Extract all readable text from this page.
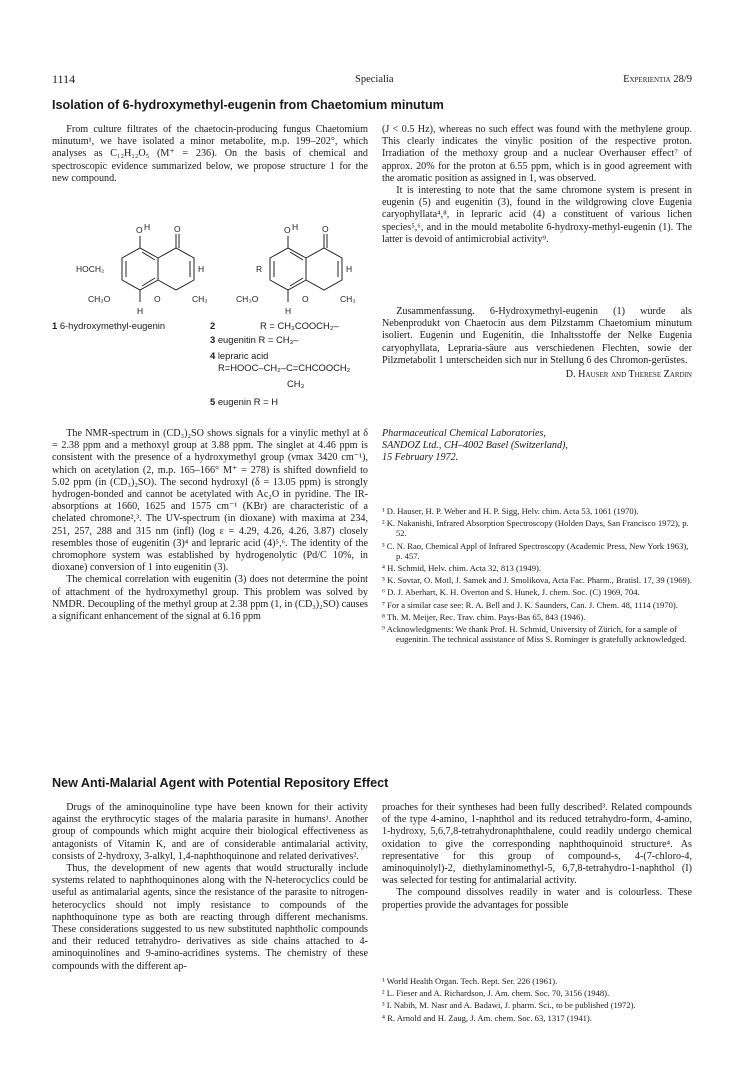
1114	Specialia	Experientia 28/9
Isolation of 6-hydroxymethyl-eugenin from Chaetomium minutum

From culture filtrates of the chaetocin-producing fungus Chaetomium minutum¹, we have isolated a minor metabolite, m.p. 199–202°, which analyses as C₁₂H₁₂O₅ (M⁺ = 236). On the basis of chemical and spectroscopic evidence summarized below, we propose structure 1 for the new compound.

O H	O
HOCH₂	H
CH₃O	O	CH₃
H
O H	O
R	H
CH₃O	O	CH₃
H
1 6-hydroxymethyl-eugenin	2	R = CH₃COOCH₂–
3 eugenitin R = CH₃–
4 lepraric acid
R=HOOC–CH₂–C=CHCOOCH₂
CH₃
5 eugenin R = H

The NMR-spectrum in (CD₃)₂SO shows signals for a vinylic methyl at δ = 2.38 ppm and a methoxyl group at 3.88 ppm. The singlet at 4.46 ppm is consistent with the presence of a hydroxymethyl group (νmax 3420 cm⁻¹), which on acetylation (2, m.p. 165–166° M⁺ = 278) is shifted downfield to 5.02 ppm (in (CD₃)₂SO). The second hydroxyl (δ = 13.05 ppm) is strongly hydrogen-bonded and cannot be acetylated with Ac₂O in pyridine. The IR-absorptions at 1660, 1625 and 1575 cm⁻¹ (KBr) are characteristic of a chelated chromone²,³. The UV-spectrum (in dioxane) with maxima at 234, 251, 257, 288 and 315 nm (infl) (log ε = 4.29, 4.26, 4.26, 3.87) closely resembles those of eugenitin (3)⁴ and lepraric acid (4)⁵,⁶. The identity of the chromophore system was established by hydrogenolytic (Pd/C 10%, in dioxane) conversion of 1 into eugenitin (3).

The chemical correlation with eugenitin (3) does not determine the point of attachment of the hydroxymethyl group. This problem was solved by NMDR. Decoupling of the methyl group at 2.38 ppm (1, in (CD₃)₂SO) causes a significant enhancement of the signal at 6.16 ppm

(J < 0.5 Hz), whereas no such effect was found with the methylene group. This clearly indicates the vinylic position of the respective proton. Irradiation of the methoxy group and a nuclear Overhauser effect⁷ of approx. 20% for the proton at 6.55 ppm, which is in good agreement with the aromatic position as assigned in 1, was observed.

It is interesting to note that the same chromone system is present in eugenin (5) and eugenitin (3), found in the wildgrowing clove Eugenia caryophyllata⁴,⁸, in lepraric acid (4) a constituent of various lichen species⁵,⁶, and in the mould metabolite 6-hydroxy-methyl-eugenin (1). The latter is devoid of antimicrobial activity⁹.

Zusammenfassung. 6-Hydroxymethyl-eugenin (1) wurde als Nebenprodukt von Chaetocin aus dem Pilzstamm Chaetomium minutum isoliert. Eugenin und Eugenitin, die Inhaltsstoffe der Nelke Eugenia caryophyllata, Lepraria-säure aus verschiedenen Flechten, sowie der Pilzmetabolit 1 unterscheiden sich nur in Stellung 6 des Chromon-gerüstes.

D. Hauser and Therese Zardin

Pharmaceutical Chemical Laboratories,
SANDOZ Ltd., CH–4002 Basel (Switzerland),
15 February 1972.
¹ D. Hauser, H. P. Weber and H. P. Sigg, Helv. chim. Acta 53, 1061 (1970).
² K. Nakanishi, Infrared Absorption Spectroscopy (Holden Days, San Francisco 1972), p. 52.
³ C. N. Rao, Chemical Appl of Infrared Spectroscopy (Academic Press, New York 1963), p. 457.
⁴ H. Schmid, Helv. chim. Acta 32, 813 (1949).
⁵ K. Sovtar, O. Motl, J. Samek and J. Smolikova, Acta Fac. Pharm., Bratisl. 17, 39 (1969).
⁶ D. J. Aberhart, K. H. Overton and S. Hunek, J. chem. Soc. (C) 1969, 704.
⁷ For a similar case see: R. A. Bell and J. K. Saunders, Can. J. Chem. 48, 1114 (1970).
⁸ Th. M. Meijer, Rec. Trav. chim. Pays-Bas 65, 843 (1946).
⁹ Acknowledgments: We thank Prof. H. Schmid, University of Zürich, for a sample of eugenitin. The technical assistance of Miss S. Rominger is gratefully acknowledged.
New Anti-Malarial Agent with Potential Repository Effect

Drugs of the aminoquinoline type have been known for their activity against the erythrocytic stages of the malaria parasite in humans¹. Another group of compounds which might acquire their biological effectiveness as antagonists of Vitamin K, and are of considerable antimalarial activity, consists of 2-hydroxy, 3-alkyl, 1,4-naphthoquinone and related derivatives².

Thus, the development of new agents that would structurally include systems related to naphthoquinones along with the N-heterocyclics could be useful as antimalarial agents, since the resistance of the parasite to nitrogen-heterocyclics should not imply resistance to compounds of the naphthoquinone type as both are reacting through different mechanisms. These considerations suggested to us new substituted naphtholic compounds and their reduced tetrahydro- derivatives as side chains attached to 4-aminoquinolines and 9-amino-acridines systems. The chemistry of these compounds with the different ap-

proaches for their syntheses had been fully described³. Related compounds of the type 4-amino, 1-naphthol and its reduced tetrahydro-form, 4-amino, 1-hydroxy, 5,6,7,8-tetrahydronaphthalene, could readily undergo chemical oxidation to give the corresponding naphthoquinoid structure⁴. As representative for this group of compound-s, 4-(7-chloro-4, aminoquinolyl)-2, diethylaminomethyl-5, 6,7,8-tetrahydro-1-naphthol (I) was selected for testing for antimalarial activity.

The compound dissolves readily in water and is colourless. These properties provide the advantages for possible

¹ World Health Organ. Tech. Rept. Ser. 226 (1961).
² L. Fieser and A. Richardson, J. Am. chem. Soc. 70, 3156 (1948).
³ I. Nabih, M. Nasr and A. Badawi, J. pharm. Sci., to be published (1972).
⁴ R. Arnold and H. Zaug, J. Am. chem. Soc. 63, 1317 (1941).
